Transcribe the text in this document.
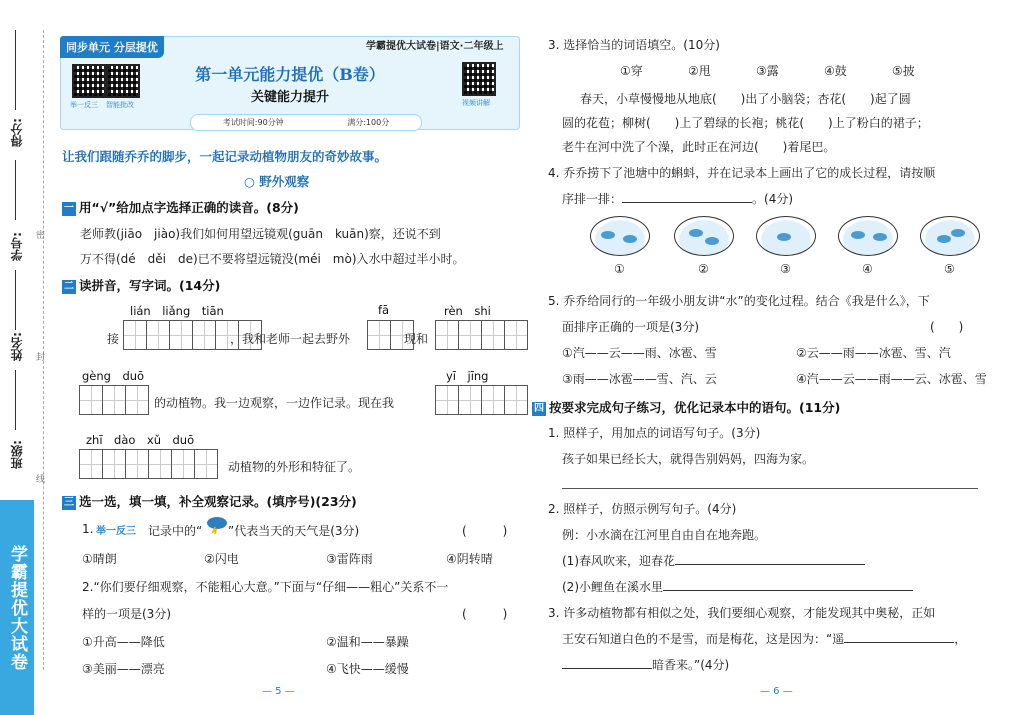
得分:
学号:
姓名:
班级:
密
封
线
学霸提优大试卷
同步单元 分层提优	学霸提优大试卷|语文·二年级上
举一反三 智能批改	视频讲解
第一单元能力提优（B卷）
关键能力提升
考试时间:90分钟	满分:100分
让我们跟随乔乔的脚步，一起记录动植物朋友的奇妙故事。
○ 野外观察
一 用“√”给加点字选择正确的读音。(8分)
老师教(jiāo　jiào)我们如何用望远镜观(guān　kuān)察，还说不到
万不得(dé　děi　de)已不要将望远镜没(méi　mò)入水中超过半小时。
二 读拼音，写字词。(14分)
lián　liǎng　tiān	fā	rèn　shi
接	，我和老师一起去野外	现和
gèng　duō	yī　jīng
的动植物。我一边观察，一边作记录。现在我
zhī　dào　xǔ　duō
动植物的外形和特征了。
三 选一选，填一填，补全观察记录。(填序号)(23分)
1. 举一反三 记录中的“ ”代表当天的天气是(3分)	(　　　)
①晴朗	②闪电	③雷阵雨	④阴转晴
2.“你们要仔细观察，不能粗心大意。”下面与“仔细——粗心”关系不一
样的一项是(3分)	(　　　)
①升高——降低	②温和——暴躁
③美丽——漂亮	④飞快——缓慢
— 5 —
3. 选择恰当的词语填空。(10分)
①穿	②甩	③露	④鼓	⑤披
春天，小草慢慢地从地底(　　)出了小脑袋；杏花(　　)起了圆
圆的花苞；柳树(　　)上了碧绿的长袍；桃花(　　)上了粉白的裙子；
老牛在河中洗了个澡，此时正在河边(　　)着尾巴。
4. 乔乔捞下了池塘中的蝌蚪，并在记录本上画出了它的成长过程，请按顺
序排一排：	。(4分)
①	②	③	④	⑤
5. 乔乔给同行的一年级小朋友讲“水”的变化过程。结合《我是什么》，下
面排序正确的一项是(3分)	(　　)
①汽——云——雨、冰雹、雪	②云——雨——冰雹、雪、汽
③雨——冰雹——雪、汽、云	④汽——云——雨——云、冰雹、雪
四 按要求完成句子练习，优化记录本中的语句。(11分)
1. 照样子，用加点的词语写句子。(3分)
孩子如果已经长大，就得告别妈妈，四海为家。
2. 照样子，仿照示例写句子。(4分)
例：小水滴在江河里自由自在地奔跑。
(1)春风吹来，迎春花
(2)小鲤鱼在溪水里
3. 许多动植物都有相似之处，我们要细心观察，才能发现其中奥秘，正如
王安石知道白色的不是雪，而是梅花，这是因为：“遥	，
暗香来。”(4分)
— 6 —
